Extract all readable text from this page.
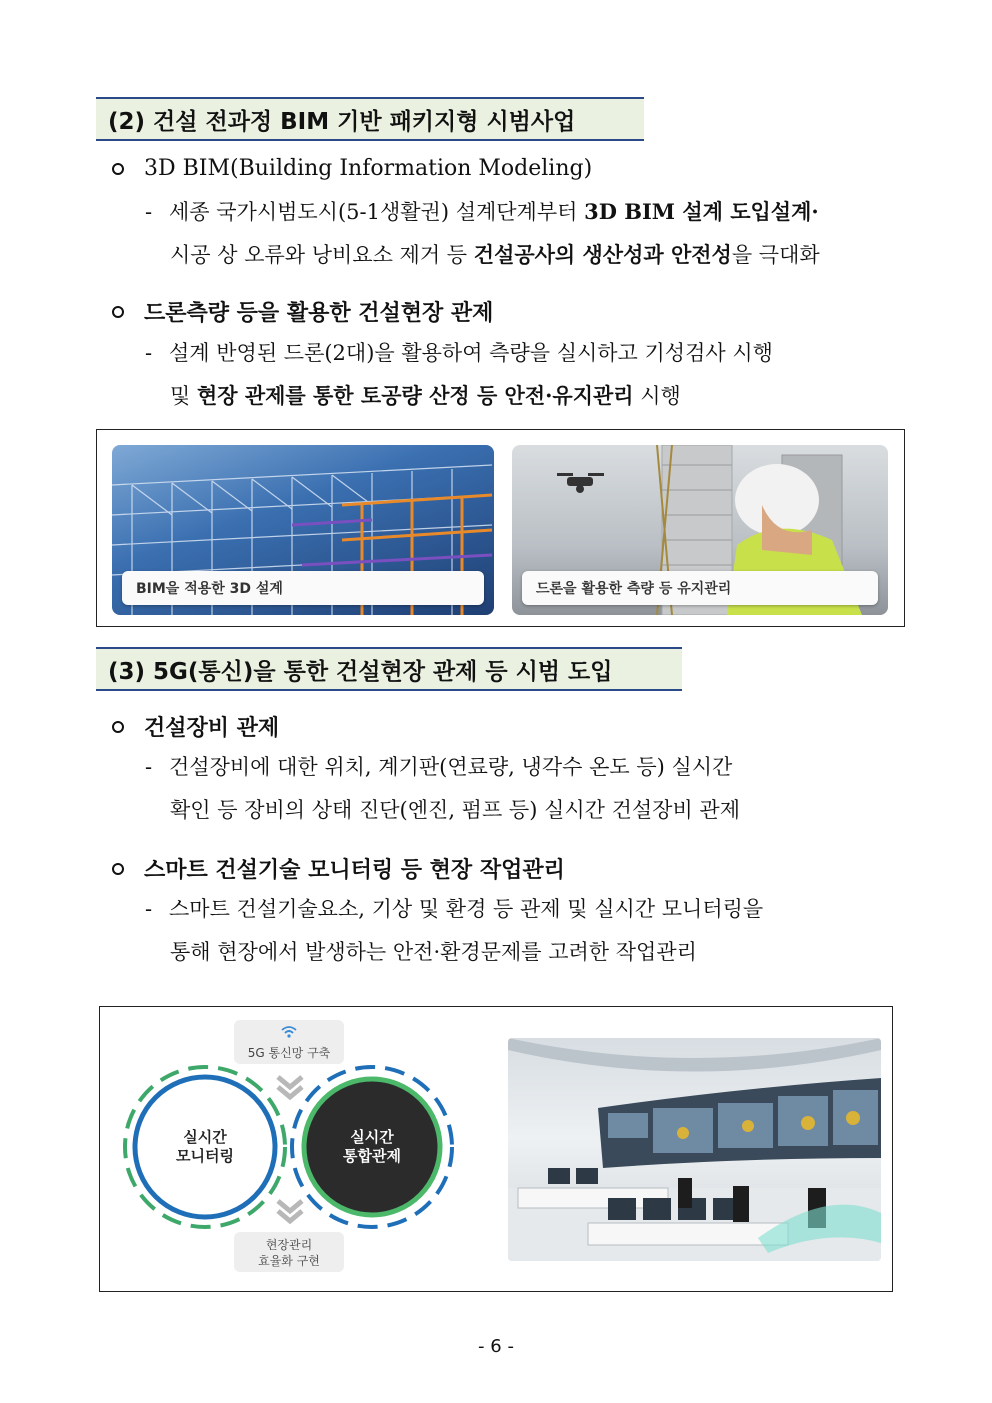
(2) 건설 전과정 BIM 기반 패키지형 시범사업
3D BIM(Building Information Modeling)
- 세종 국가시범도시(5-1생활권) 설계단계부터 3D BIM 설계 도입설계·
시공 상 오류와 낭비요소 제거 등 건설공사의 생산성과 안전성을 극대화
드론측량 등을 활용한 건설현장 관제
- 설계 반영된 드론(2대)을 활용하여 측량을 실시하고 기성검사 시행
및 현장 관제를 통한 토공량 산정 등 안전·유지관리 시행
BIM을 적용한 3D 설계	드론을 활용한 측량 등 유지관리
(3) 5G(통신)을 통한 건설현장 관제 등 시범 도입
건설장비 관제
- 건설장비에 대한 위치, 계기판(연료량, 냉각수 온도 등) 실시간
확인 등 장비의 상태 진단(엔진, 펌프 등) 실시간 건설장비 관제
스마트 건설기술 모니터링 등 현장 작업관리
- 스마트 건설기술요소, 기상 및 환경 등 관제 및 실시간 모니터링을
통해 현장에서 발생하는 안전·환경문제를 고려한 작업관리
5G 통신망 구축
실시간
모니터링
실시간
통합관제
현장관리
효율화 구현
- 6 -
